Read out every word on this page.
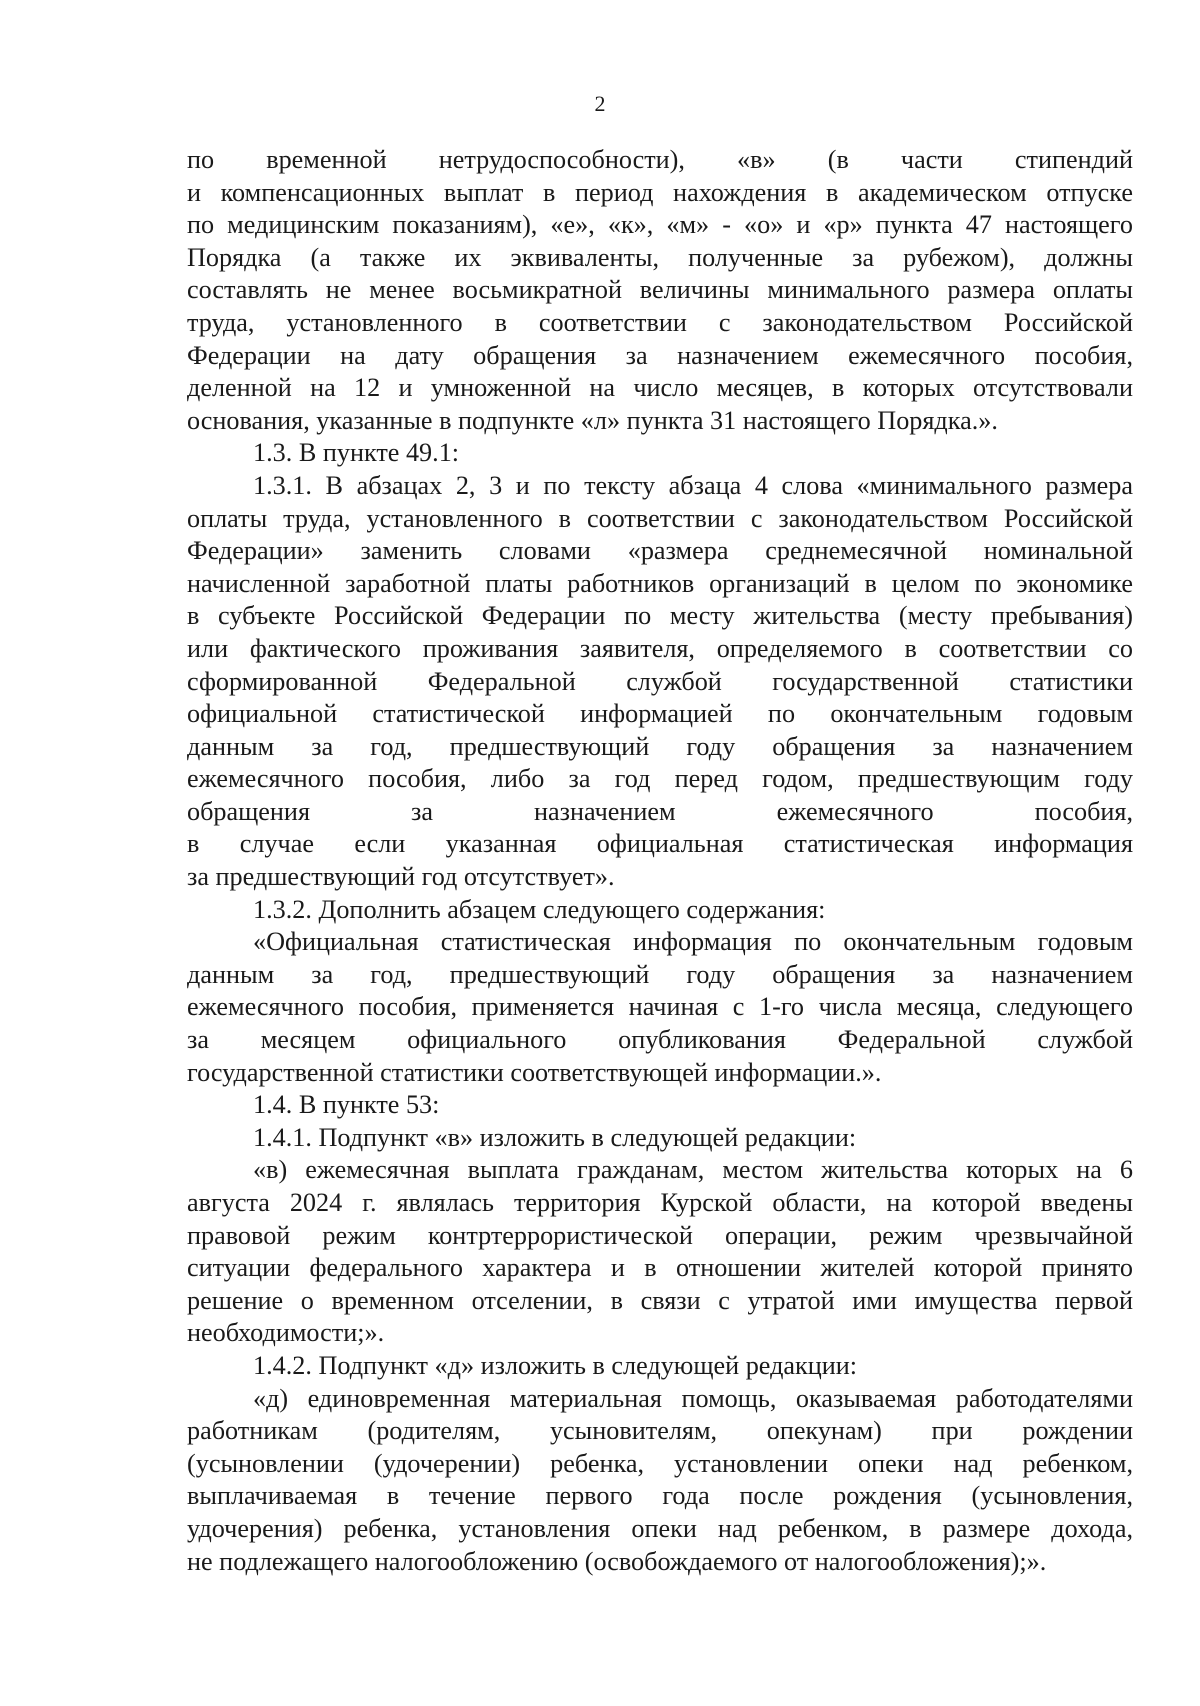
2

по временной нетрудоспособности), «в» (в части стипендий
и компенсационных выплат в период нахождения в академическом отпуске
по медицинским показаниям), «е», «к», «м» - «о» и «р» пункта 47 настоящего
Порядка (а также их эквиваленты, полученные за рубежом), должны
составлять не менее восьмикратной величины минимального размера оплаты
труда, установленного в соответствии с законодательством Российской
Федерации на дату обращения за назначением ежемесячного пособия,
деленной на 12 и умноженной на число месяцев, в которых отсутствовали
основания, указанные в подпункте «л» пункта 31 настоящего Порядка.».

1.3. В пункте 49.1:

1.3.1. В абзацах 2, 3 и по тексту абзаца 4 слова «минимального размера
оплаты труда, установленного в соответствии с законодательством Российской
Федерации» заменить словами «размера среднемесячной номинальной
начисленной заработной платы работников организаций в целом по экономике
в субъекте Российской Федерации по месту жительства (месту пребывания)
или фактического проживания заявителя, определяемого в соответствии со
сформированной Федеральной службой государственной статистики
официальной статистической информацией по окончательным годовым
данным за год, предшествующий году обращения за назначением
ежемесячного пособия, либо за год перед годом, предшествующим году
обращения за назначением ежемесячного пособия,
в случае если указанная официальная статистическая информация
за предшествующий год отсутствует».

1.3.2. Дополнить абзацем следующего содержания:

«Официальная статистическая информация по окончательным годовым
данным за год, предшествующий году обращения за назначением
ежемесячного пособия, применяется начиная с 1-го числа месяца, следующего
за месяцем официального опубликования Федеральной службой
государственной статистики соответствующей информации.».

1.4. В пункте 53:

1.4.1. Подпункт «в» изложить в следующей редакции:

«в) ежемесячная выплата гражданам, местом жительства которых на 6
августа 2024 г. являлась территория Курской области, на которой введены
правовой режим контртеррористической операции, режим чрезвычайной
ситуации федерального характера и в отношении жителей которой принято
решение о временном отселении, в связи с утратой ими имущества первой
необходимости;».

1.4.2. Подпункт «д» изложить в следующей редакции:

«д) единовременная материальная помощь, оказываемая работодателями
работникам (родителям, усыновителям, опекунам) при рождении
(усыновлении (удочерении) ребенка, установлении опеки над ребенком,
выплачиваемая в течение первого года после рождения (усыновления,
удочерения) ребенка, установления опеки над ребенком, в размере дохода,
не подлежащего налогообложению (освобождаемого от налогообложения);».
